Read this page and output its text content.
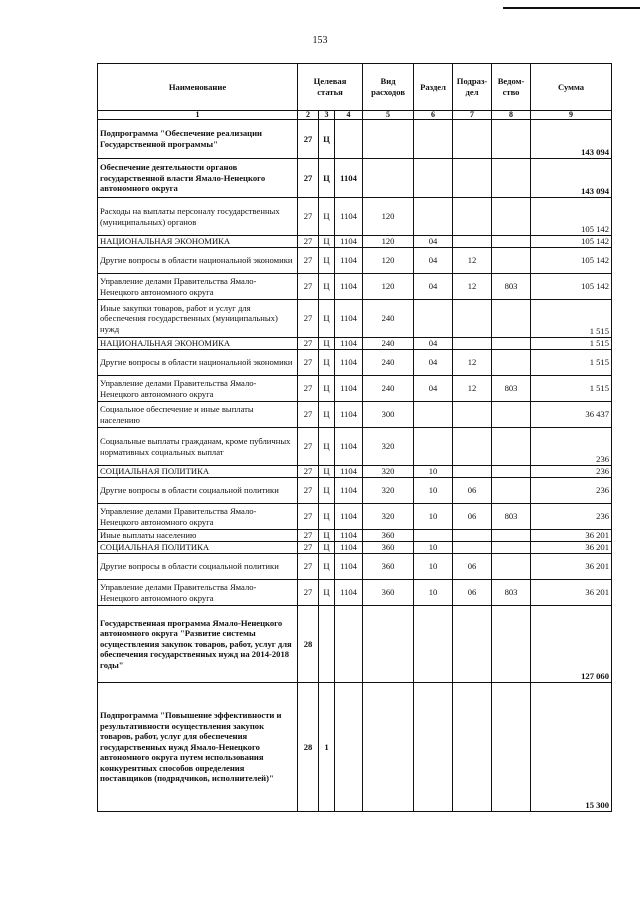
153
Наименование	Целевая статья			Вид расходов	Раздел	Подраз-дел	Ведом-ство	Сумма
1	2	3	4	5	6	7	8	9
Подпрограмма "Обеспечение реализации Государственной программы"	27	Ц						143 094
Обеспечение деятельности органов государственной власти Ямало-Ненецкого автономного округа	27	Ц	1104					143 094
Расходы на выплаты персоналу государственных (муниципальных) органов	27	Ц	1104	120				105 142
НАЦИОНАЛЬНАЯ ЭКОНОМИКА	27	Ц	1104	120	04			105 142
Другие вопросы в области национальной экономики	27	Ц	1104	120	04	12		105 142
Управление делами Правительства Ямало-Ненецкого автономного округа	27	Ц	1104	120	04	12	803	105 142
Иные закупки товаров, работ и услуг для обеспечения государственных (муниципальных) нужд	27	Ц	1104	240				1 515
НАЦИОНАЛЬНАЯ ЭКОНОМИКА	27	Ц	1104	240	04			1 515
Другие вопросы в области национальной экономики	27	Ц	1104	240	04	12		1 515
Управление делами Правительства Ямало-Ненецкого автономного округа	27	Ц	1104	240	04	12	803	1 515
Социальное обеспечение и иные выплаты населению	27	Ц	1104	300				36 437
Социальные выплаты гражданам, кроме публичных нормативных социальных выплат	27	Ц	1104	320				236
СОЦИАЛЬНАЯ ПОЛИТИКА	27	Ц	1104	320	10			236
Другие вопросы в области социальной политики	27	Ц	1104	320	10	06		236
Управление делами Правительства Ямало-Ненецкого автономного округа	27	Ц	1104	320	10	06	803	236
Иные выплаты населению	27	Ц	1104	360				36 201
СОЦИАЛЬНАЯ ПОЛИТИКА	27	Ц	1104	360	10			36 201
Другие вопросы в области социальной политики	27	Ц	1104	360	10	06		36 201
Управление делами Правительства Ямало-Ненецкого автономного округа	27	Ц	1104	360	10	06	803	36 201
Государственная программа Ямало-Ненецкого автономного округа "Развитие системы осуществления закупок товаров, работ, услуг для обеспечения государственных нужд на 2014-2018 годы"	28							127 060
Подпрограмма "Повышение эффективности и результативности осуществления закупок товаров, работ, услуг для обеспечения государственных нужд Ямало-Ненецкого автономного округа путем использования конкурентных способов определения поставщиков (подрядчиков, исполнителей)"	28	1						15 300
